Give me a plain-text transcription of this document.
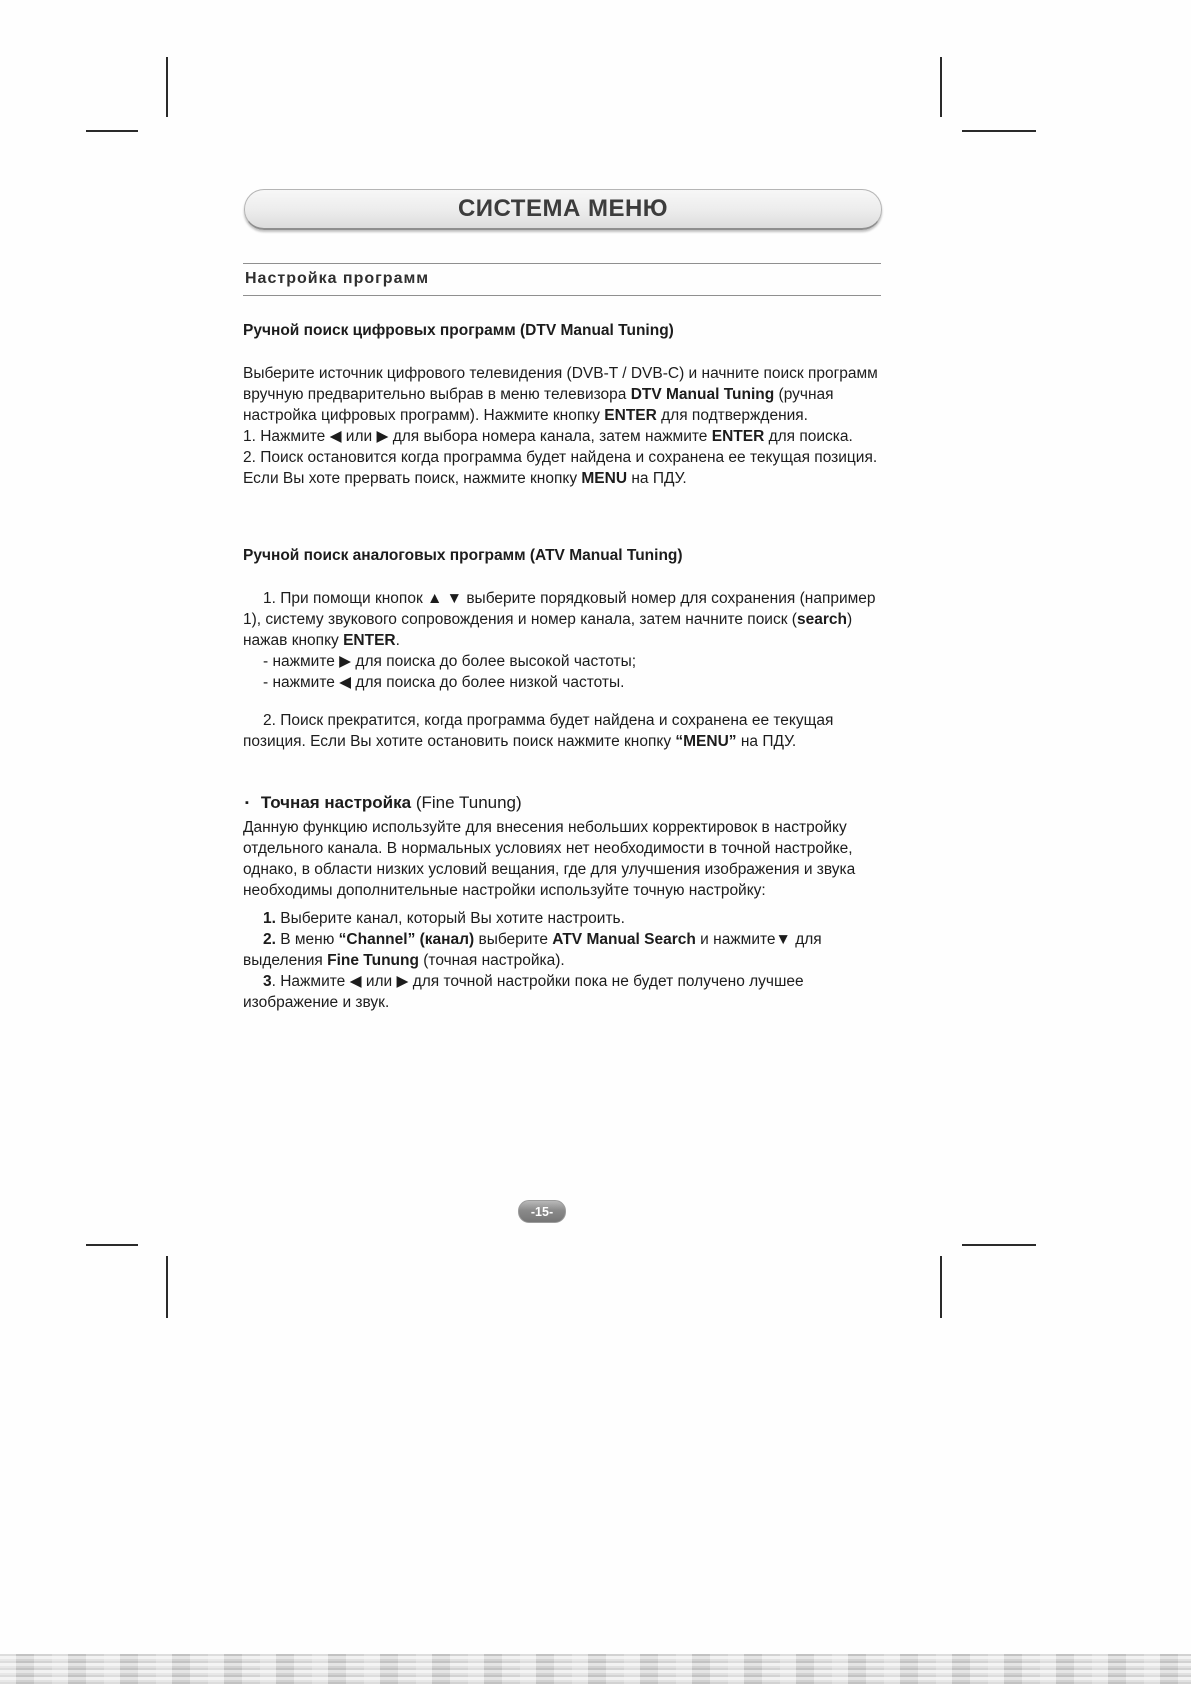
СИСТЕМА МЕНЮ
Настройка программ

Ручной поиск цифровых программ (DTV Manual Tuning)

Выберите источник цифрового телевидения (DVB-T / DVB-C) и начните поиск программ вручную предварительно выбрав в меню телевизора DTV Manual Tuning (ручная настройка цифровых программ). Нажмите кнопку ENTER для подтверждения.

1. Нажмите ◀ или ▶ для выбора номера канала, затем нажмите ENTER для поиска.

2. Поиск остановится когда программа будет найдена и сохранена ее текущая позиция. Если Вы хоте прервать поиск, нажмите кнопку MENU на ПДУ.

Ручной поиск аналоговых программ (ATV Manual Tuning)

1. При помощи кнопок ▲ ▼ выберите порядковый номер для сохранения (например 1), систему звукового сопровождения и номер канала, затем начните поиск (search) нажав кнопку ENTER.

- нажмите ▶ для поиска до более высокой частоты;

- нажмите ◀ для поиска до более низкой частоты.

2. Поиск прекратится, когда программа будет найдена и сохранена ее текущая позиция. Если Вы хотите остановить поиск нажмите кнопку “MENU” на ПДУ.

▪ Точная настройка (Fine Tunung)

Данную функцию используйте для внесения небольших корректировок в настройку отдельного канала. В нормальных условиях нет необходимости в точной настройке, однако, в области низких условий вещания, где для улучшения изображения и звука необходимы дополнительные настройки используйте точную настройку:

1. Выберите канал, который Вы хотите настроить.

2. В меню “Channel” (канал) выберите ATV Manual Search и нажмите▼ для выделения Fine Tunung (точная настройка).

3. Нажмите ◀ или ▶ для точной настройки пока не будет получено лучшее изображение и звук.

-15-
